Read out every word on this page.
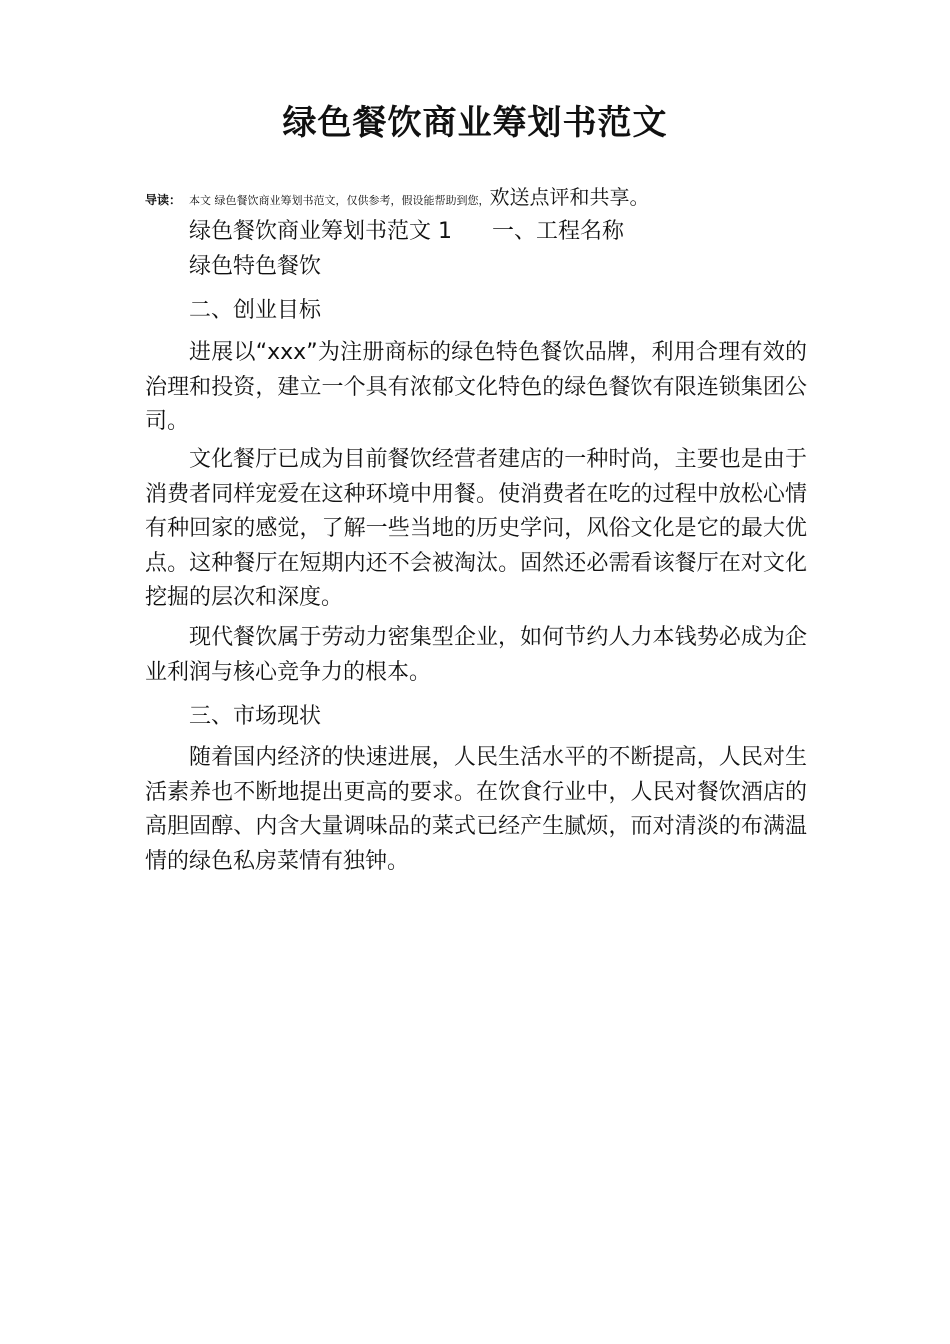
绿色餐饮商业筹划书范文
导读： 本文 绿色餐饮商业筹划书范文，仅供参考，假设能帮助到您，欢送点评和共享。
绿色餐饮商业筹划书范文 1 一、工程名称
绿色特色餐饮
二、创业目标
进展以“xxx”为注册商标的绿色特色餐饮品牌，利用合理有效的治理和投资，建立一个具有浓郁文化特色的绿色餐饮有限连锁集团公司。
文化餐厅已成为目前餐饮经营者建店的一种时尚，主要也是由于消费者同样宠爱在这种环境中用餐。使消费者在吃的过程中放松心情有种回家的感觉，了解一些当地的历史学问，风俗文化是它的最大优点。这种餐厅在短期内还不会被淘汰。固然还必需看该餐厅在对文化挖掘的层次和深度。
现代餐饮属于劳动力密集型企业，如何节约人力本钱势必成为企业利润与核心竞争力的根本。
三、市场现状
随着国内经济的快速进展，人民生活水平的不断提高，人民对生活素养也不断地提出更高的要求。在饮食行业中，人民对餐饮酒店的高胆固醇、内含大量调味品的菜式已经产生腻烦，而对清淡的布满温情的绿色私房菜情有独钟。
